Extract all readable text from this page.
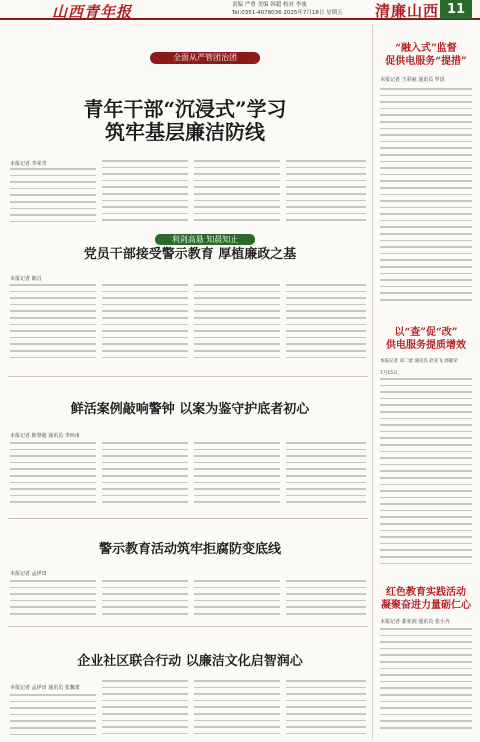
山西青年报	责编 严重 美编 韩超 校对 李波
Tel:0351-4078036 2025年7月18日 星期五 清廉山西 11
全面从严管团治团
青年干部“沉浸式”学习
筑牢基层廉洁防线
本报记者 李荣青
利剑高悬 知晨知止
党员干部接受警示教育 厚植廉政之基
本报记者 陈昌
鲜活案例敲响警钟 以案为鉴守护底者初心
本报记者 陈黎超 通讯员 李西甫
警示教育活动筑牢拒腐防变底线
本报记者 孟伊田
企业社区联合行动 以廉洁文化启智润心
本报记者 孟伊田 通讯员 张馨蕾
“融入式”监督
促供电服务“提措”
本报记者 王彩丽 通讯员 罗泽
以“查”促“改”
供电服务提质增效
本报记者 刘二建 通讯员 赵亚飞 郭敏荣
7月15日，
红色教育实践活动
凝聚奋进力量砺仁心
本报记者 郭亚润 通讯员 张小齐
